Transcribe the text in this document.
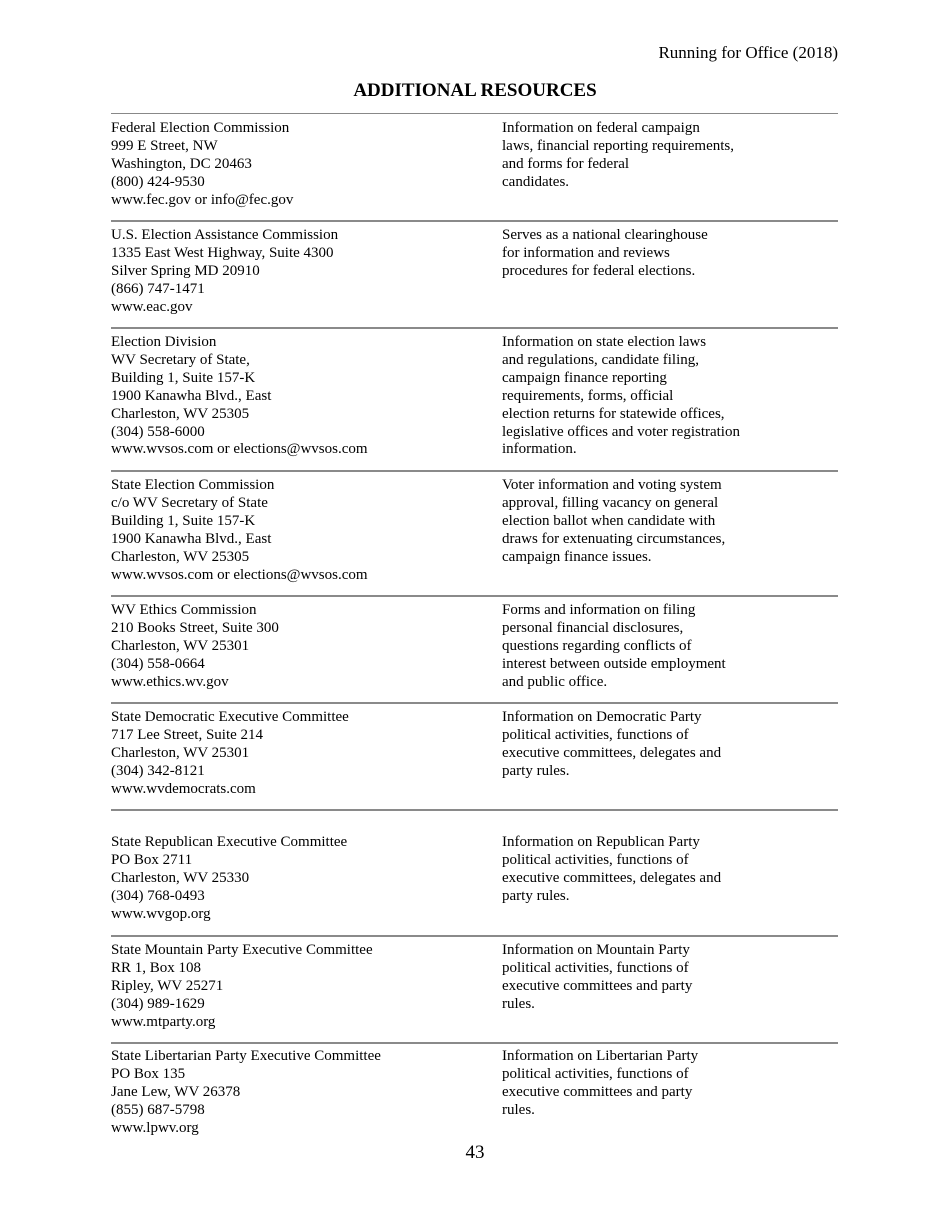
Running for Office (2018)
ADDITIONAL RESOURCES
Federal Election Commission
999 E Street, NW
Washington, DC 20463
(800) 424-9530
www.fec.gov or info@fec.gov
Information on federal campaign
laws, financial reporting requirements,
and forms for federal
candidates.
U.S. Election Assistance Commission
1335 East West Highway, Suite 4300
Silver Spring MD 20910
(866) 747-1471
www.eac.gov
Serves as a national clearinghouse
for information and reviews
procedures for federal elections.
Election Division
WV Secretary of State,
Building 1, Suite 157-K
1900 Kanawha Blvd., East
Charleston, WV 25305
(304) 558-6000
www.wvsos.com or elections@wvsos.com
Information on state election laws
and regulations, candidate filing,
campaign finance reporting
requirements, forms, official
election returns for statewide offices,
legislative offices and voter registration
information.
State Election Commission
c/o WV Secretary of State
Building 1, Suite 157-K
1900 Kanawha Blvd., East
Charleston, WV 25305
www.wvsos.com or elections@wvsos.com
Voter information and voting system
approval, filling vacancy on general
election ballot when candidate with
draws for extenuating circumstances,
campaign finance issues.
WV Ethics Commission
210 Books Street, Suite 300
Charleston, WV 25301
(304) 558-0664
www.ethics.wv.gov
Forms and information on filing
personal financial disclosures,
questions regarding conflicts of
interest between outside employment
and public office.
State Democratic Executive Committee
717 Lee Street, Suite 214
Charleston, WV 25301
(304) 342-8121
www.wvdemocrats.com
Information on Democratic Party
political activities, functions of
executive committees, delegates and
party rules.
State Republican Executive Committee
PO Box 2711
Charleston, WV 25330
(304) 768-0493
www.wvgop.org
Information on Republican Party
political activities, functions of
executive committees, delegates and
party rules.
State Mountain Party Executive Committee
RR 1, Box 108
Ripley, WV 25271
(304) 989-1629
www.mtparty.org
Information on Mountain Party
political activities, functions of
executive committees and party
rules.
State Libertarian Party Executive Committee
PO Box 135
Jane Lew, WV 26378
(855) 687-5798
www.lpwv.org
Information on Libertarian Party
political activities, functions of
executive committees and party
rules.
43
